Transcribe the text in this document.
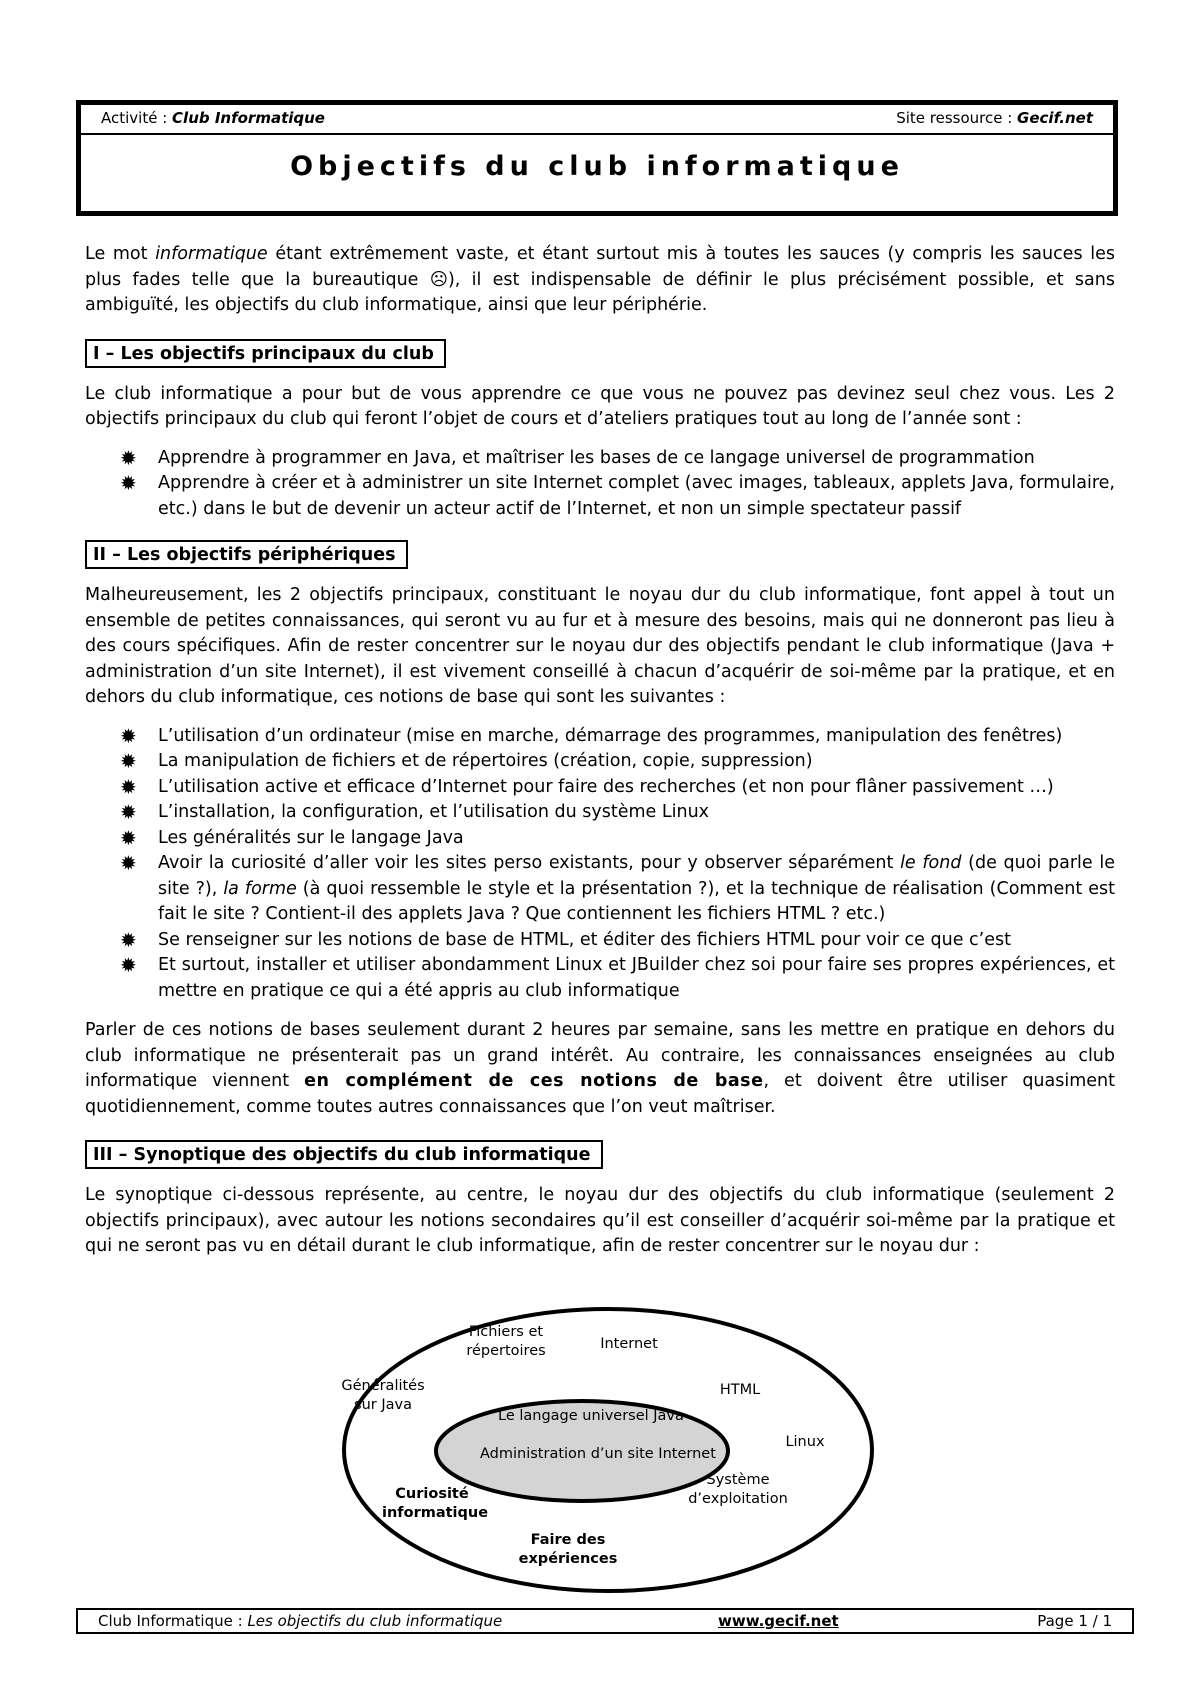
Activité : Club Informatique	Site ressource : Gecif.net
Objectifs du club informatique

Le mot informatique étant extrêmement vaste, et étant surtout mis à toutes les sauces (y compris les sauces les plus fades telle que la bureautique ☹), il est indispensable de définir le plus précisément possible, et sans ambiguïté, les objectifs du club informatique, ainsi que leur périphérie.

I – Les objectifs principaux du club

Le club informatique a pour but de vous apprendre ce que vous ne pouvez pas devinez seul chez vous. Les 2 objectifs principaux du club qui feront l’objet de cours et d’ateliers pratiques tout au long de l’année sont :

✹ Apprendre à programmer en Java, et maîtriser les bases de ce langage universel de programmation
✹ Apprendre à créer et à administrer un site Internet complet (avec images, tableaux, applets Java, formulaire, etc.) dans le but de devenir un acteur actif de l’Internet, et non un simple spectateur passif
II – Les objectifs périphériques

Malheureusement, les 2 objectifs principaux, constituant le noyau dur du club informatique, font appel à tout un ensemble de petites connaissances, qui seront vu au fur et à mesure des besoins, mais qui ne donneront pas lieu à des cours spécifiques. Afin de rester concentrer sur le noyau dur des objectifs pendant le club informatique (Java + administration d’un site Internet), il est vivement conseillé à chacun d’acquérir de soi-même par la pratique, et en dehors du club informatique, ces notions de base qui sont les suivantes :

✹ L’utilisation d’un ordinateur (mise en marche, démarrage des programmes, manipulation des fenêtres)
✹ La manipulation de fichiers et de répertoires (création, copie, suppression)
✹ L’utilisation active et efficace d’Internet pour faire des recherches (et non pour flâner passivement …)
✹ L’installation, la configuration, et l’utilisation du système Linux
✹ Les généralités sur le langage Java
✹ Avoir la curiosité d’aller voir les sites perso existants, pour y observer séparément le fond (de quoi parle le site ?), la forme (à quoi ressemble le style et la présentation ?), et la technique de réalisation (Comment est fait le site ? Contient-il des applets Java ? Que contiennent les fichiers HTML ? etc.)
✹ Se renseigner sur les notions de base de HTML, et éditer des fichiers HTML pour voir ce que c’est
✹ Et surtout, installer et utiliser abondamment Linux et JBuilder chez soi pour faire ses propres expériences, et mettre en pratique ce qui a été appris au club informatique

Parler de ces notions de bases seulement durant 2 heures par semaine, sans les mettre en pratique en dehors du club informatique ne présenterait pas un grand intérêt. Au contraire, les connaissances enseignées au club informatique viennent en complément de ces notions de base, et doivent être utiliser quasiment quotidiennement, comme toutes autres connaissances que l’on veut maîtriser.

III – Synoptique des objectifs du club informatique

Le synoptique ci-dessous représente, au centre, le noyau dur des objectifs du club informatique (seulement 2 objectifs principaux), avec autour les notions secondaires qu’il est conseiller d’acquérir soi-même par la pratique et qui ne seront pas vu en détail durant le club informatique, afin de rester concentrer sur le noyau dur :

Le langage universel Java
Administration d’un site Internet
Fichiers et
répertoires	Internet
HTML
Généralités
sur Java
Linux
Système
d’exploitation
Curiosité
informatique
Faire des
expériences
Club Informatique : Les objectifs du club informatique	www.gecif.net	Page 1 / 1
